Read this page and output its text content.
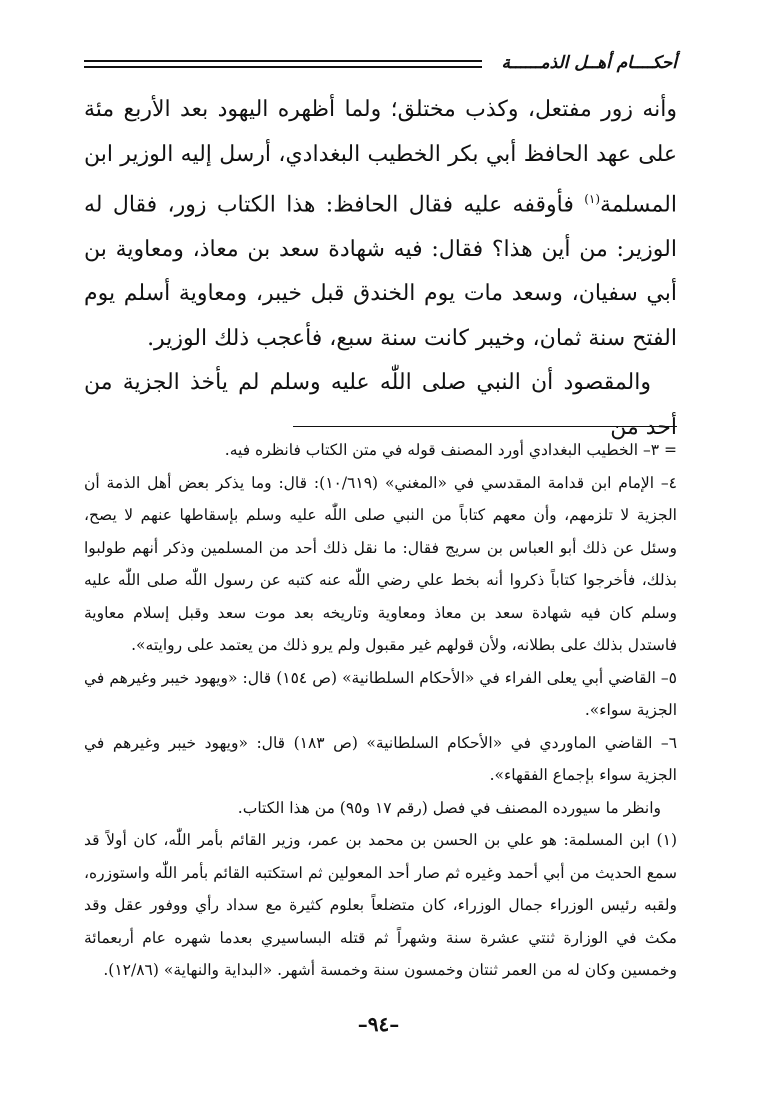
أحكــــام أهــل الذمــــــة

وأنه زور مفتعل، وكذب مختلق؛ ولما أظهره اليهود بعد الأربع مئة على عهد الحافظ أبي بكر الخطيب البغدادي، أرسل إليه الوزير ابن المسلمة$^{(١)}$ فأوقفه عليه فقال الحافظ: هذا الكتاب زور، فقال له الوزير: من أين هذا؟ فقال: فيه شهادة سعد بن معاذ، ومعاوية بن أبي سفيان، وسعد مات يوم الخندق قبل خيبر، ومعاوية أسلم يوم الفتح سنة ثمان، وخيبر كانت سنة سبع، فأعجب ذلك الوزير.

والمقصود أن النبي صلى اللّٰه عليه وسلم لم يأخذ الجزية من أحد من

= ٣– الخطيب البغدادي أورد المصنف قوله في متن الكتاب فانظره فيه.

٤– الإمام ابن قدامة المقدسي في «المغني» (١٠/٦١٩): قال: وما يذكر بعض أهل الذمة أن الجزية لا تلزمهم، وأن معهم كتاباً من النبي صلى اللّٰه عليه وسلم بإسقاطها عنهم لا يصح، وسئل عن ذلك أبو العباس بن سريج فقال: ما نقل ذلك أحد من المسلمين وذكر أنهم طولبوا بذلك، فأخرجوا كتاباً ذكروا أنه بخط علي رضي اللّٰه عنه كتبه عن رسول اللّٰه صلى اللّٰه عليه وسلم كان فيه شهادة سعد بن معاذ ومعاوية وتاريخه بعد موت سعد وقبل إسلام معاوية فاستدل بذلك على بطلانه، ولأن قولهم غير مقبول ولم يرو ذلك من يعتمد على روايته».

٥– القاضي أبي يعلى الفراء في «الأحكام السلطانية» (ص ١٥٤) قال: «ويهود خيبر وغيرهم في الجزية سواء».

٦– القاضي الماوردي في «الأحكام السلطانية» (ص ١٨٣) قال: «ويهود خيبر وغيرهم في الجزية سواء بإجماع الفقهاء».

وانظر ما سيورده المصنف في فصل (رقم ١٧ و٩٥) من هذا الكتاب.

(١) ابن المسلمة: هو علي بن الحسن بن محمد بن عمر، وزير القائم بأمر اللّٰه، كان أولاً قد سمع الحديث من أبي أحمد وغيره ثم صار أحد المعولين ثم استكتبه القائم بأمر اللّٰه واستوزره، ولقبه رئيس الوزراء جمال الوزراء، كان متضلعاً بعلوم كثيرة مع سداد رأي ووفور عقل وقد مكث في الوزارة ثنتي عشرة سنة وشهراً ثم قتله البساسيري بعدما شهره عام أربعمائة وخمسين وكان له من العمر ثنتان وخمسون سنة وخمسة أشهر. «البداية والنهاية» (١٢/٨٦).

–٩٤–
